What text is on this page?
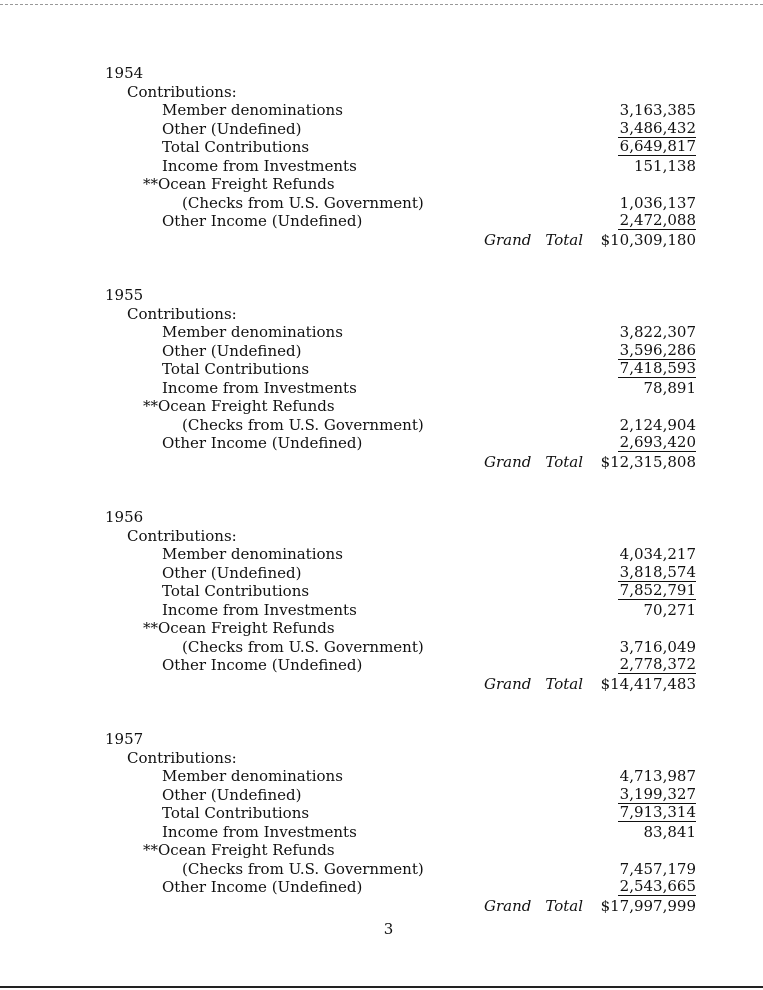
1954
Contributions:
Member denominations	3,163,385
Other (Undefined)	3,486,432
Total Contributions	6,649,817
Income from Investments	151,138
**Ocean Freight Refunds
(Checks from U.S. Government)	1,036,137
Other Income (Undefined)	2,472,088
Grand Total $10,309,180
1955
Contributions:
Member denominations	3,822,307
Other (Undefined)	3,596,286
Total Contributions	7,418,593
Income from Investments	78,891
**Ocean Freight Refunds
(Checks from U.S. Government)	2,124,904
Other Income (Undefined)	2,693,420
Grand Total $12,315,808
1956
Contributions:
Member denominations	4,034,217
Other (Undefined)	3,818,574
Total Contributions	7,852,791
Income from Investments	70,271
**Ocean Freight Refunds
(Checks from U.S. Government)	3,716,049
Other Income (Undefined)	2,778,372
Grand Total $14,417,483
1957
Contributions:
Member denominations	4,713,987
Other (Undefined)	3,199,327
Total Contributions	7,913,314
Income from Investments	83,841
**Ocean Freight Refunds
(Checks from U.S. Government)	7,457,179
Other Income (Undefined)	2,543,665
Grand Total $17,997,999
3
